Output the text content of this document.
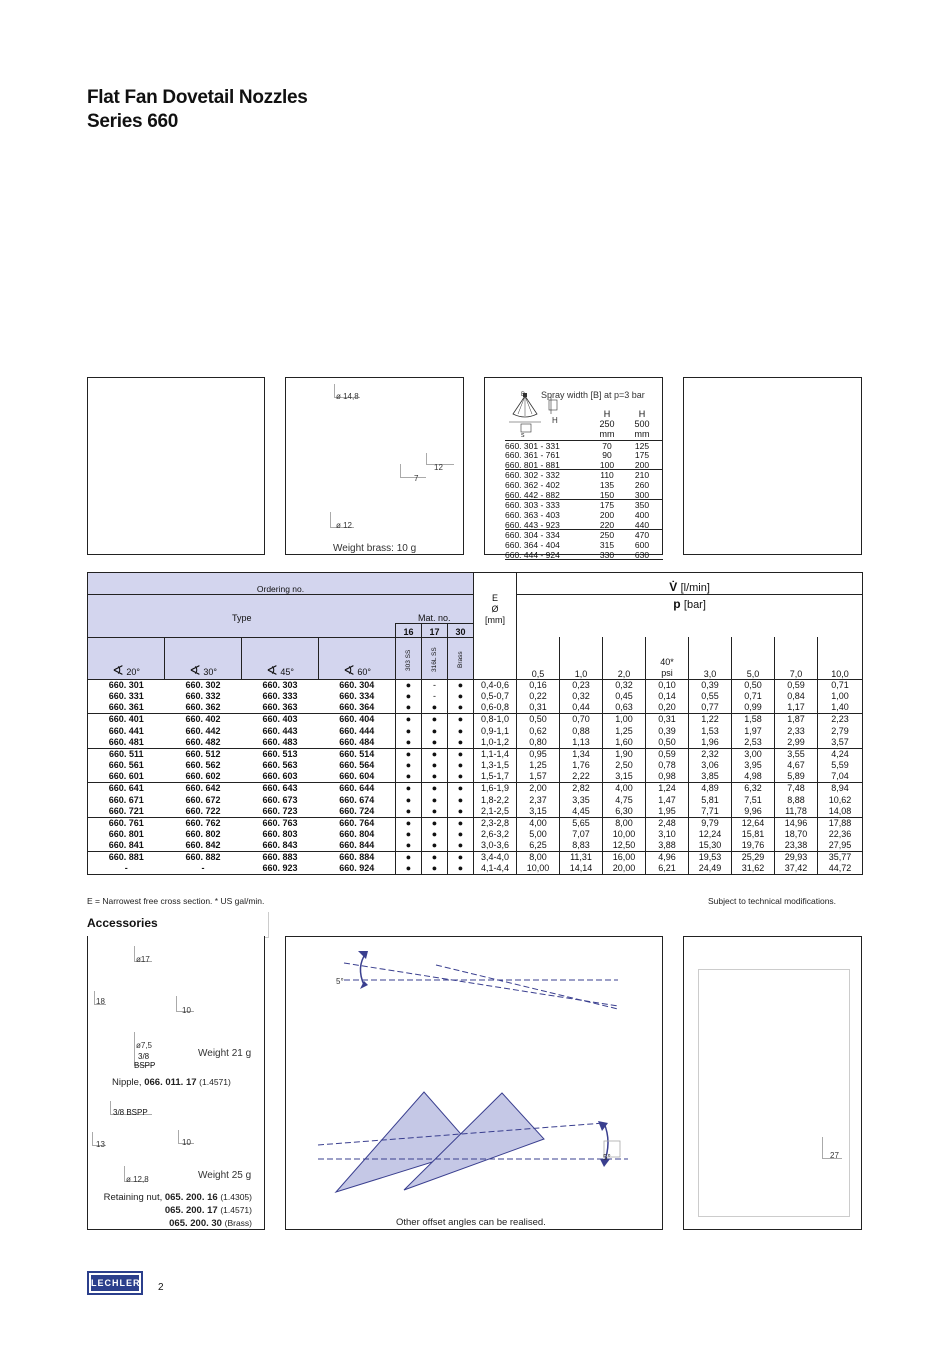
Flat Fan Dovetail Nozzles
Series 660
ø 14,8
12
7
ø 12
Weight brass: 10 g
Spray width [B] at p=3 bar
H
s
B
H
250
mm
H
500
mm
660. 301 - 331	70	125
660. 361 - 761	90	175
660. 801 - 881	100	200
660. 302 - 332	110	210
660. 362 - 402	135	260
660. 442 - 882	150	300
660. 303 - 333	175	350
660. 363 - 403	200	400
660. 443 - 923	220	440
660. 304 - 334	250	470
660. 364 - 404	315	600
660. 444 - 924	330	630
Ordering no.							E
Ø
[mm]	V̇ [l/min]							
Type				Mat. no.				p [bar]							
				16	17	30									
∢ 20°	∢ 30°	∢ 45°	∢ 60°	303 SS	316L SS	Brass		0,5	1,0	2,0	40*
psi	3,0	5,0	7,0	10,0
660. 301	660. 302	660. 303	660. 304	●	-	●	0,4-0,6	0,16	0,23	0,32	0,10	0,39	0,50	0,59	0,71
660. 331	660. 332	660. 333	660. 334	●	-	●	0,5-0,7	0,22	0,32	0,45	0,14	0,55	0,71	0,84	1,00
660. 361	660. 362	660. 363	660. 364	●	●	●	0,6-0,8	0,31	0,44	0,63	0,20	0,77	0,99	1,17	1,40
660. 401	660. 402	660. 403	660. 404	●	●	●	0,8-1,0	0,50	0,70	1,00	0,31	1,22	1,58	1,87	2,23
660. 441	660. 442	660. 443	660. 444	●	●	●	0,9-1,1	0,62	0,88	1,25	0,39	1,53	1,97	2,33	2,79
660. 481	660. 482	660. 483	660. 484	●	●	●	1,0-1,2	0,80	1,13	1,60	0,50	1,96	2,53	2,99	3,57
660. 511	660. 512	660. 513	660. 514	●	●	●	1,1-1,4	0,95	1,34	1,90	0,59	2,32	3,00	3,55	4,24
660. 561	660. 562	660. 563	660. 564	●	●	●	1,3-1,5	1,25	1,76	2,50	0,78	3,06	3,95	4,67	5,59
660. 601	660. 602	660. 603	660. 604	●	●	●	1,5-1,7	1,57	2,22	3,15	0,98	3,85	4,98	5,89	7,04
660. 641	660. 642	660. 643	660. 644	●	●	●	1,6-1,9	2,00	2,82	4,00	1,24	4,89	6,32	7,48	8,94
660. 671	660. 672	660. 673	660. 674	●	●	●	1,8-2,2	2,37	3,35	4,75	1,47	5,81	7,51	8,88	10,62
660. 721	660. 722	660. 723	660. 724	●	●	●	2,1-2,5	3,15	4,45	6,30	1,95	7,71	9,96	11,78	14,08
660. 761	660. 762	660. 763	660. 764	●	●	●	2,3-2,8	4,00	5,65	8,00	2,48	9,79	12,64	14,96	17,88
660. 801	660. 802	660. 803	660. 804	●	●	●	2,6-3,2	5,00	7,07	10,00	3,10	12,24	15,81	18,70	22,36
660. 841	660. 842	660. 843	660. 844	●	●	●	3,0-3,6	6,25	8,83	12,50	3,88	15,30	19,76	23,38	27,95
660. 881	660. 882	660. 883	660. 884	●	●	●	3,4-4,0	8,00	11,31	16,00	4,96	19,53	25,29	29,93	35,77
-	-	660. 923	660. 924	●	●	●	4,1-4,4	10,00	14,14	20,00	6,21	24,49	31,62	37,42	44,72
E = Narrowest free cross section. * US gal/min.	Subject to technical modifications.
Accessories
ø17
18
10
ø7,5
3/8
BSPP
Weight 21 g
Nipple, 066. 011. 17 (1.4571)
3/8 BSPP
13	10
ø 12,8	Weight 25 g
Retaining nut, 065. 200. 16 (1.4305)
065. 200. 17 (1.4571)
065. 200. 30 (Brass)
5°
5°
Other offset angles can be realised.
27
LECHLER 2
